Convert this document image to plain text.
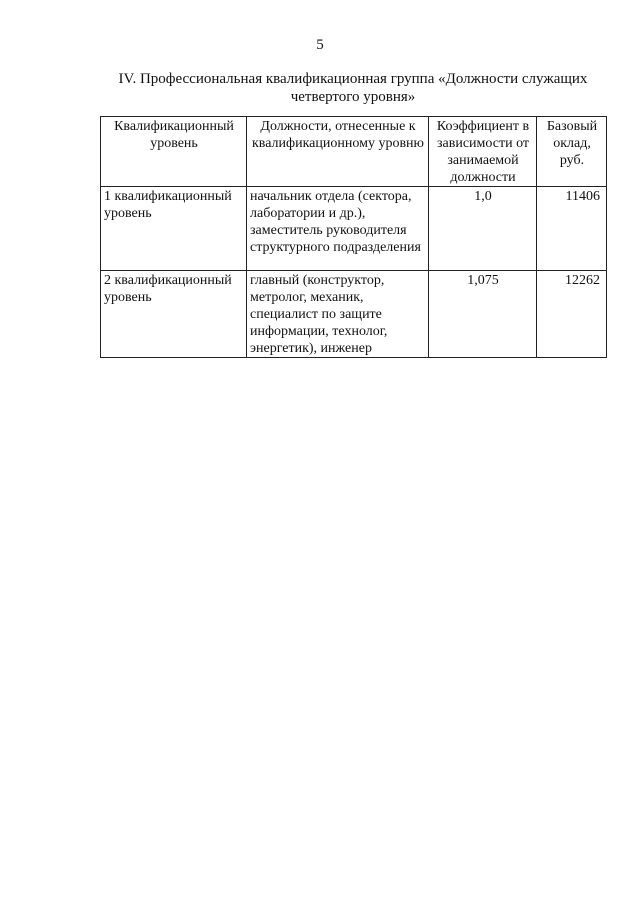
5
IV. Профессиональная квалификационная группа «Должности служащих
четвертого уровня»
Квалификационный уровень	Должности, отнесенные к квалификационному уровню	Коэффициент в зависимости от занимаемой должности	Базовый оклад, руб.
1 квалификационный уровень	начальник отдела (сектора, лаборатории и др.), заместитель руководителя структурного подразделения	1,0	11406
2 квалификационный уровень	главный (конструктор, метролог, механик, специалист по защите информации, технолог, энергетик), инженер	1,075	12262
